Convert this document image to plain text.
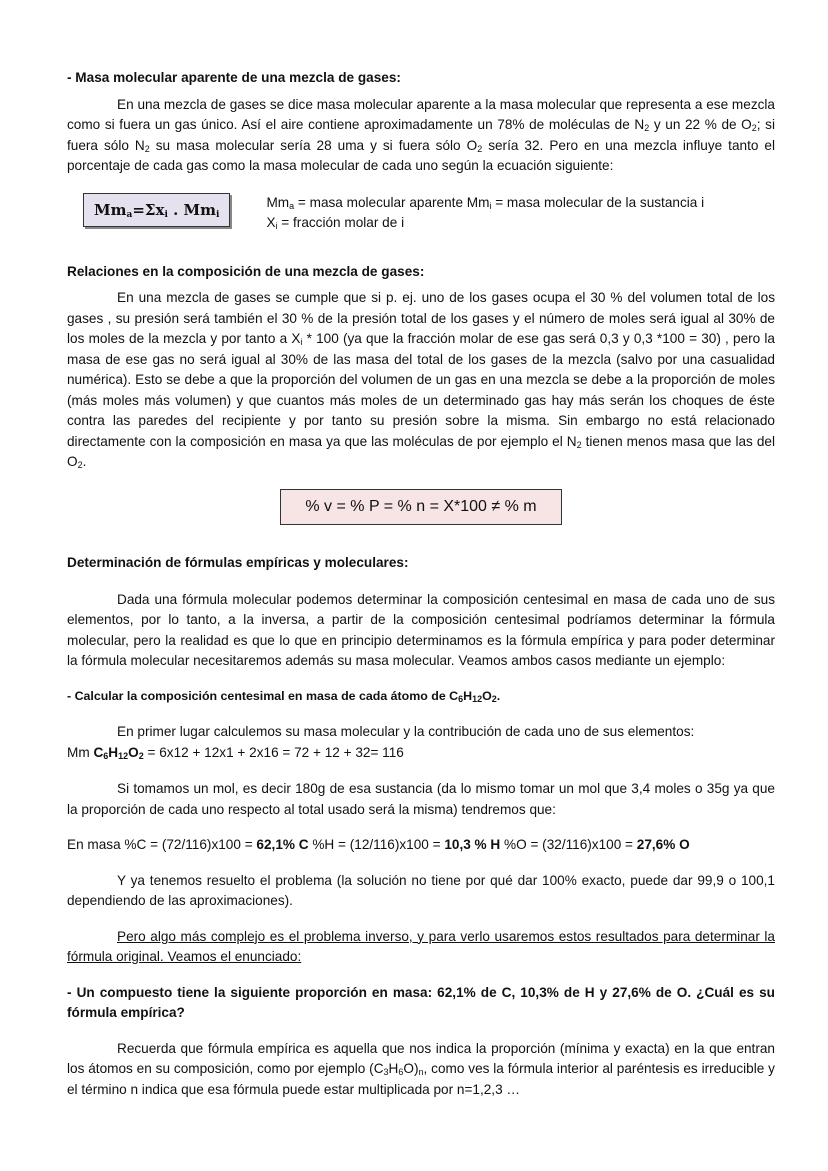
- Masa molecular aparente de una mezcla de gases:

En una mezcla de gases se dice masa molecular aparente a la masa molecular que representa a ese mezcla como si fuera un gas único. Así el aire contiene aproximadamente un 78% de moléculas de $N_2$ y un 22 % de $O_2$; si fuera sólo $N_2$ su masa molecular sería 28 uma y si fuera sólo $O_2$ sería 32. Pero en una mezcla influye tanto el porcentaje de cada gas como la masa molecular de cada uno según la ecuación siguiente:

$Mm_a=\Sigma x_i$ . $Mm_i$
$Mm_a$ = masa molecular aparente $Mm_i$ = masa molecular de la sustancia i
$X_i$ = fracción molar de i
Relaciones en la composición de una mezcla de gases:

En una mezcla de gases se cumple que si p. ej. uno de los gases ocupa el 30 % del volumen total de los gases , su presión será también el 30 % de la presión total de los gases y el número de moles será igual al 30% de los moles de la mezcla y por tanto a $X_i * 100$ (ya que la fracción molar de ese gas será 0,3 y 0,3 *100 = 30) , pero la masa de ese gas no será igual al 30% de las masa del total de los gases de la mezcla (salvo por una casualidad numérica). Esto se debe a que la proporción del volumen de un gas en una mezcla se debe a la proporción de moles (más moles más volumen) y que cuantos más moles de un determinado gas hay más serán los choques de éste contra las paredes del recipiente y por tanto su presión sobre la misma. Sin embargo no está relacionado directamente con la composición en masa ya que las moléculas de por ejemplo el $N_2$ tienen menos masa que las del $O_2$.

% v = % P = % n = X*100 ≠ % m
Determinación de fórmulas empíricas y moleculares:

Dada una fórmula molecular podemos determinar la composición centesimal en masa de cada uno de sus elementos, por lo tanto, a la inversa, a partir de la composición centesimal podríamos determinar la fórmula molecular, pero la realidad es que lo que en principio determinamos es la fórmula empírica y para poder determinar la fórmula molecular necesitaremos además su masa molecular. Veamos ambos casos mediante un ejemplo:

- Calcular la composición centesimal en masa de cada átomo de $C_6H_{12}O_2$.

En primer lugar calculemos su masa molecular y la contribución de cada uno de sus elementos:

Mm $C_6H_{12}O_2 = 6x12 + 12x1 + 2x16 = 72 + 12 + 32= 116$

Si tomamos un mol, es decir 180g de esa sustancia (da lo mismo tomar un mol que 3,4 moles o 35g ya que la proporción de cada uno respecto al total usado será la misma) tendremos que:

En masa %C = (72/116)x100 = 62,1% C %H = (12/116)x100 = 10,3 % H %O = (32/116)x100 = 27,6% O

Y ya tenemos resuelto el problema (la solución no tiene por qué dar 100% exacto, puede dar 99,9 o 100,1 dependiendo de las aproximaciones).

Pero algo más complejo es el problema inverso, y para verlo usaremos estos resultados para determinar la fórmula original. Veamos el enunciado:

- Un compuesto tiene la siguiente proporción en masa: 62,1% de C, 10,3% de H y 27,6% de O. ¿Cuál es su fórmula empírica?

Recuerda que fórmula empírica es aquella que nos indica la proporción (mínima y exacta) en la que entran los átomos en su composición, como por ejemplo $(C_3H_6O)_n$, como ves la fórmula interior al paréntesis es irreducible y el término n indica que esa fórmula puede estar multiplicada por n=1,2,3 …
